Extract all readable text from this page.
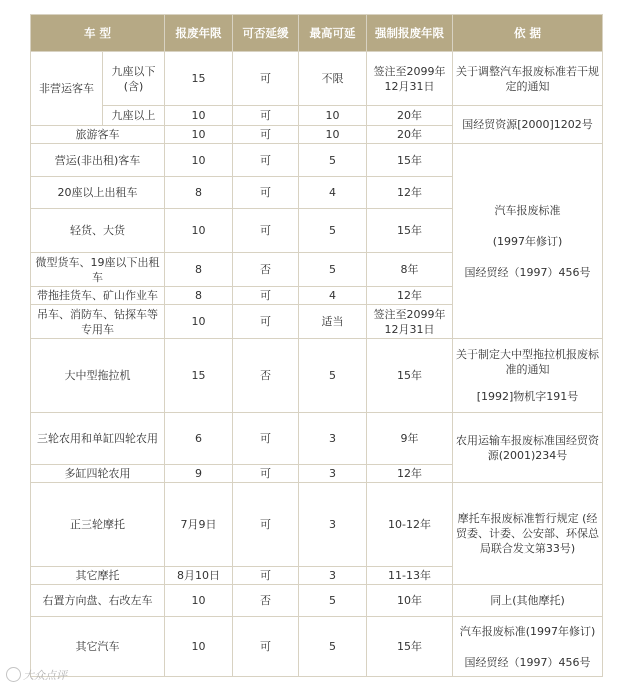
车 型		报废年限	可否延缓	最高可延	强制报废年限	依 据
非营运客车	九座以下(含)	15	可	不限	签注至2099年12月31日	关于调整汽车报废标准若干规定的通知
	九座以上	10	可	10	20年	国经贸资源[2000]1202号
旅游客车		10	可	10	20年	
营运(非出租)客车		10	可	5	15年	汽车报废标准
(1997年修订)
国经贸经（1997）456号

20座以上出租车		8	可	4	12年	
轻货、大货		10	可	5	15年	
微型货车、19座以下出租车		8	否	5	8年	
带拖挂货车、矿山作业车		8	可	4	12年	
吊车、消防车、钻探车等专用车		10	可	适当	签注至2099年12月31日	
大中型拖拉机		15	否	5	15年	关于制定大中型拖拉机报废标准的通知
[1992]物机字191号

三轮农用和单缸四轮农用		6	可	3	9年	农用运输车报废标准国经贸资源(2001)234号

多缸四轮农用		9	可	3	12年	
正三轮摩托		7月9日	可	3	10-12年	摩托车报废标准暂行规定 (经贸委、计委、公安部、环保总局联合发文第33号)

其它摩托		8月10日	可	3	11-13年	
右置方向盘、右改左车		10	否	5	10年	同上(其他摩托)

其它汽车		10	可	5	15年	汽车报废标准(1997年修订)
国经贸经（1997）456号
大众点评
